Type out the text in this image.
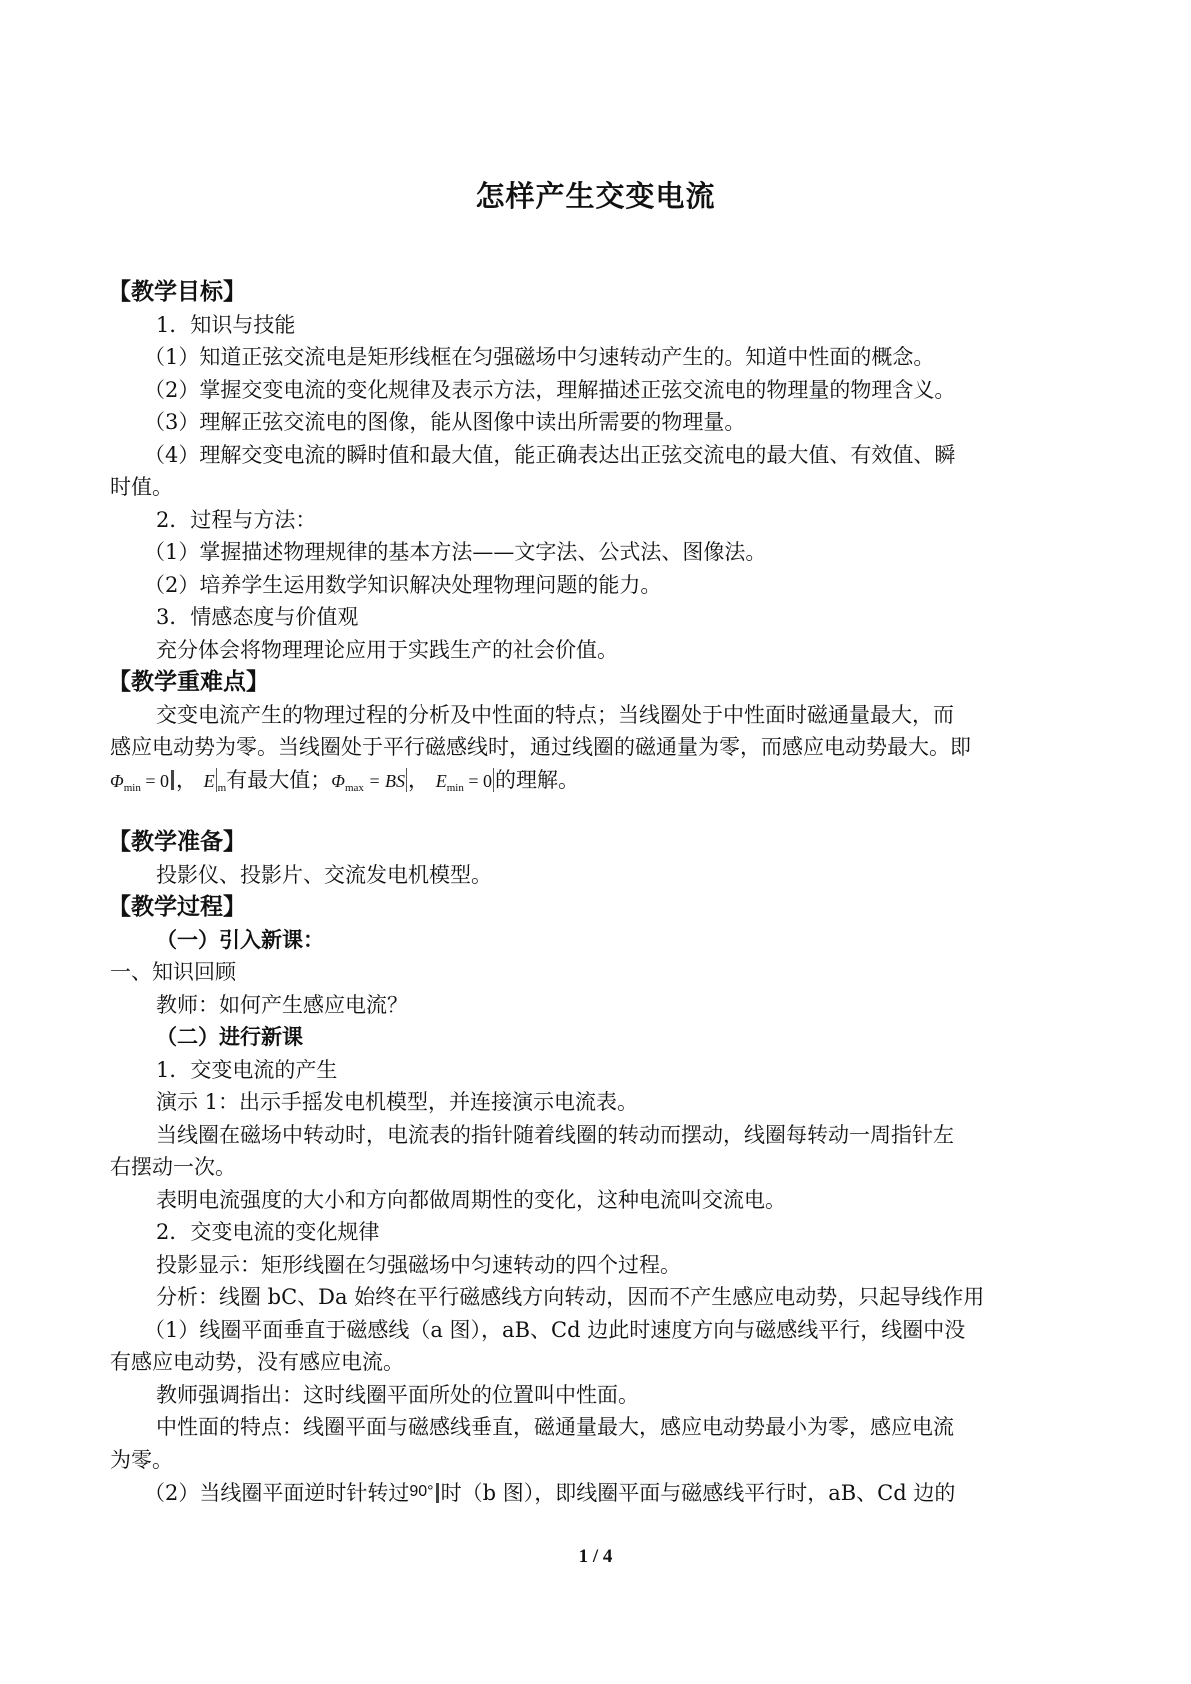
怎样产生交变电流
【教学目标】
1．知识与技能
（1）知道正弦交流电是矩形线框在匀强磁场中匀速转动产生的。知道中性面的概念。
（2）掌握交变电流的变化规律及表示方法，理解描述正弦交流电的物理量的物理含义。
（3）理解正弦交流电的图像，能从图像中读出所需要的物理量。
（4）理解交变电流的瞬时值和最大值，能正确表达出正弦交流电的最大值、有效值、瞬
时值。
2．过程与方法：
（1）掌握描述物理规律的基本方法——文字法、公式法、图像法。
（2）培养学生运用数学知识解决处理物理问题的能力。
3．情感态度与价值观
充分体会将物理理论应用于实践生产的社会价值。
【教学重难点】
交变电流产生的物理过程的分析及中性面的特点；当线圈处于中性面时磁通量最大，而
感应电动势为零。当线圈处于平行磁感线时，通过线圈的磁通量为零，而感应电动势最大。即
$\Phi_{min} = 0$ ， E $_m$有最大值；$\Phi_{max}$ = BS ， $E_{min} = 0$ 的理解。
【教学准备】
投影仪、投影片、交流发电机模型。
【教学过程】
（一）引入新课：
一、知识回顾
教师：如何产生感应电流？
（二）进行新课
1．交变电流的产生
演示 1：出示手摇发电机模型，并连接演示电流表。
当线圈在磁场中转动时，电流表的指针随着线圈的转动而摆动，线圈每转动一周指针左
右摆动一次。
表明电流强度的大小和方向都做周期性的变化，这种电流叫交流电。
2．交变电流的变化规律
投影显示：矩形线圈在匀强磁场中匀速转动的四个过程。
分析：线圈 bC、Da 始终在平行磁感线方向转动，因而不产生感应电动势，只起导线作用
（1）线圈平面垂直于磁感线（a 图），aB、Cd 边此时速度方向与磁感线平行，线圈中没
有感应电动势，没有感应电流。
教师强调指出：这时线圈平面所处的位置叫中性面。
中性面的特点：线圈平面与磁感线垂直，磁通量最大，感应电动势最小为零，感应电流
为零。
（2）当线圈平面逆时针转过90° 时（b 图），即线圈平面与磁感线平行时，aB、Cd 边的
1 / 4
